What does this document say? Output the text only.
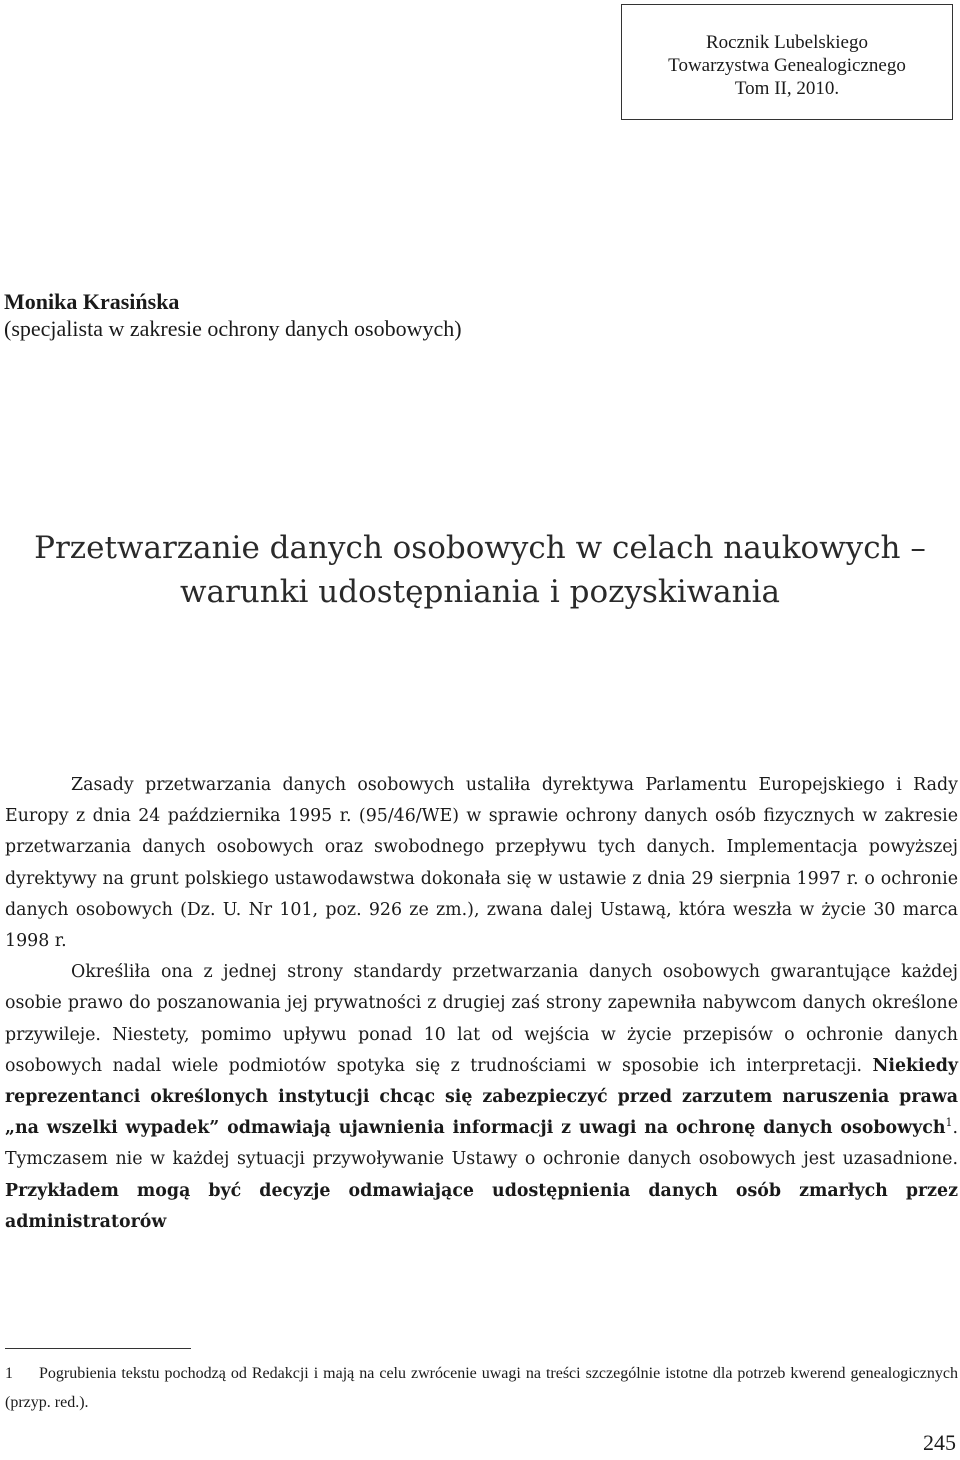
Rocznik Lubelskiego
Towarzystwa Genealogicznego
Tom II, 2010.
Monika Krasińska
(specjalista w zakresie ochrony danych osobowych)
Przetwarzanie danych osobowych w celach naukowych –
warunki udostępniania i pozyskiwania

Zasady przetwarzania danych osobowych ustaliła dyrektywa Parlamentu Europejskiego i Rady Europy z dnia 24 października 1995 r. (95/46/WE) w sprawie ochrony danych osób fizycznych w zakresie przetwarzania danych osobowych oraz swobodnego przepływu tych danych. Implementacja powyższej dyrektywy na grunt polskiego ustawodawstwa dokonała się w ustawie z dnia 29 sierpnia 1997 r. o ochronie danych osobowych (Dz. U. Nr 101, poz. 926 ze zm.), zwana dalej Ustawą, która weszła w życie 30 marca 1998 r.

Określiła ona z jednej strony standardy przetwarzania danych osobowych gwarantujące każdej osobie prawo do poszanowania jej prywatności z drugiej zaś strony zapewniła nabywcom danych określone przywileje. Niestety, pomimo upływu ponad 10 lat od wejścia w życie przepisów o ochronie danych osobowych nadal wiele podmiotów spotyka się z trudnościami w sposobie ich interpretacji. Niekiedy reprezentanci określonych instytucji chcąc się zabezpieczyć przed zarzutem naruszenia prawa „na wszelki wypadek” odmawiają ujawnienia informacji z uwagi na ochronę danych osobowych$^1$. Tymczasem nie w każdej sytuacji przywoływanie Ustawy o ochronie danych osobowych jest uzasadnione. Przykładem mogą być decyzje odmawiające udostępnienia danych osób zmarłych przez administratorów

1 Pogrubienia tekstu pochodzą od Redakcji i mają na celu zwrócenie uwagi na treści szczególnie istotne dla potrzeb kwerend genealogicznych (przyp. red.).
245
